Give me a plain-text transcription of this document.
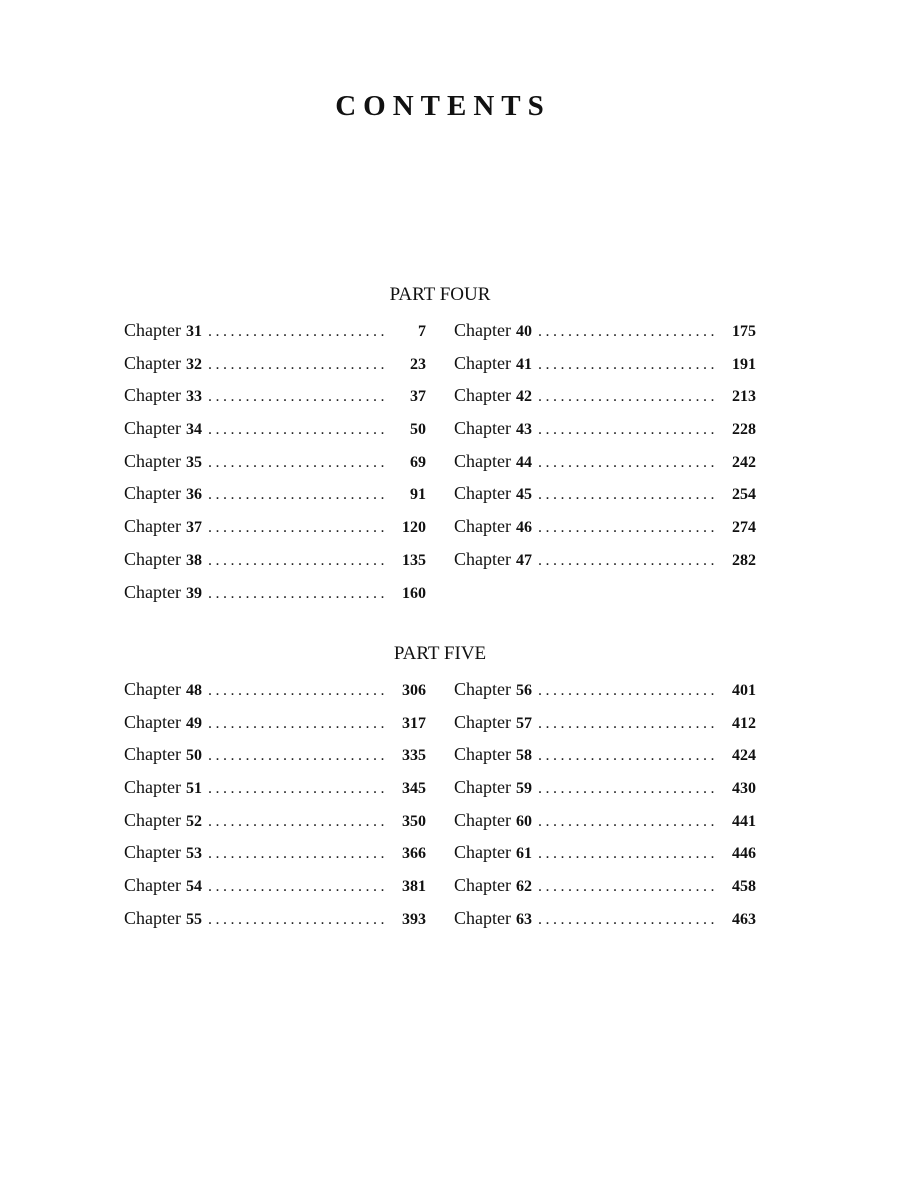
CONTENTS
PART FOUR
Chapter 31 . . .	7
Chapter 32 . . .	23
Chapter 33 . . .	37
Chapter 34 . . .	50
Chapter 35 . . .	69
Chapter 36 . . .	91
Chapter 37 . . .	120
Chapter 38 . . .	135
Chapter 39 . . .	160
Chapter 40 . . .	175
Chapter 41 . . .	191
Chapter 42 . . .	213
Chapter 43 . . .	228
Chapter 44 . . .	242
Chapter 45 . . .	254
Chapter 46 . . .	274
Chapter 47 . . .	282
PART FIVE
Chapter 48 . . .	306
Chapter 49 . . .	317
Chapter 50 . . .	335
Chapter 51 . . .	345
Chapter 52 . . .	350
Chapter 53 . . .	366
Chapter 54 . . .	381
Chapter 55 . . .	393
Chapter 56 . . .	401
Chapter 57 . . .	412
Chapter 58 . . .	424
Chapter 59 . . .	430
Chapter 60 . . .	441
Chapter 61 . . .	446
Chapter 62 . . .	458
Chapter 63 . . .	463
